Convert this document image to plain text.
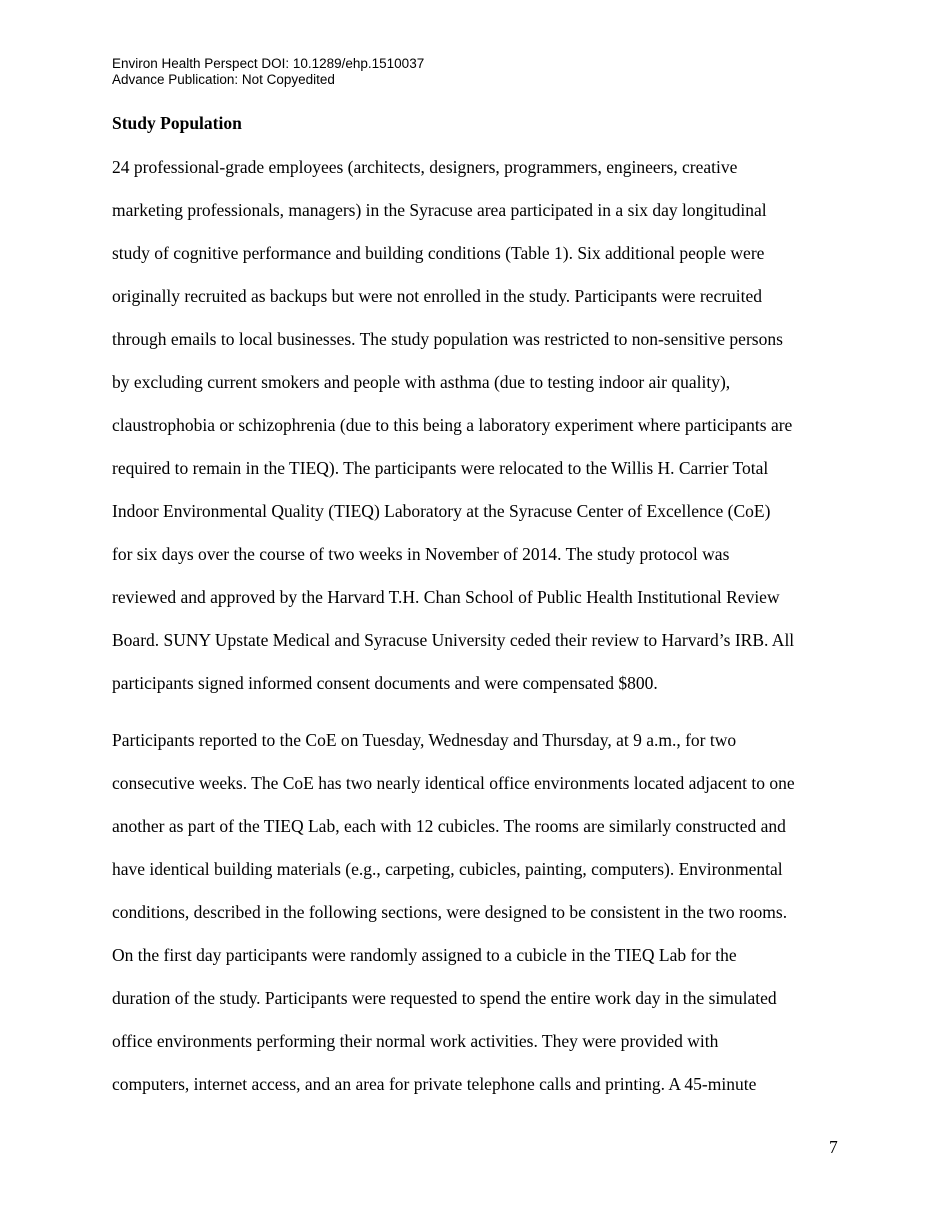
Environ Health Perspect DOI: 10.1289/ehp.1510037
Advance Publication: Not Copyedited
Study Population
24 professional-grade employees (architects, designers, programmers, engineers, creative
marketing professionals, managers) in the Syracuse area participated in a six day longitudinal
study of cognitive performance and building conditions (Table 1). Six additional people were
originally recruited as backups but were not enrolled in the study. Participants were recruited
through emails to local businesses. The study population was restricted to non-sensitive persons
by excluding current smokers and people with asthma (due to testing indoor air quality),
claustrophobia or schizophrenia (due to this being a laboratory experiment where participants are
required to remain in the TIEQ). The participants were relocated to the Willis H. Carrier Total
Indoor Environmental Quality (TIEQ) Laboratory at the Syracuse Center of Excellence (CoE)
for six days over the course of two weeks in November of 2014. The study protocol was
reviewed and approved by the Harvard T.H. Chan School of Public Health Institutional Review
Board. SUNY Upstate Medical and Syracuse University ceded their review to Harvard’s IRB. All
participants signed informed consent documents and were compensated $800.
Participants reported to the CoE on Tuesday, Wednesday and Thursday, at 9 a.m., for two
consecutive weeks. The CoE has two nearly identical office environments located adjacent to one
another as part of the TIEQ Lab, each with 12 cubicles. The rooms are similarly constructed and
have identical building materials (e.g., carpeting, cubicles, painting, computers). Environmental
conditions, described in the following sections, were designed to be consistent in the two rooms.
On the first day participants were randomly assigned to a cubicle in the TIEQ Lab for the
duration of the study. Participants were requested to spend the entire work day in the simulated
office environments performing their normal work activities. They were provided with
computers, internet access, and an area for private telephone calls and printing. A 45-minute
7
